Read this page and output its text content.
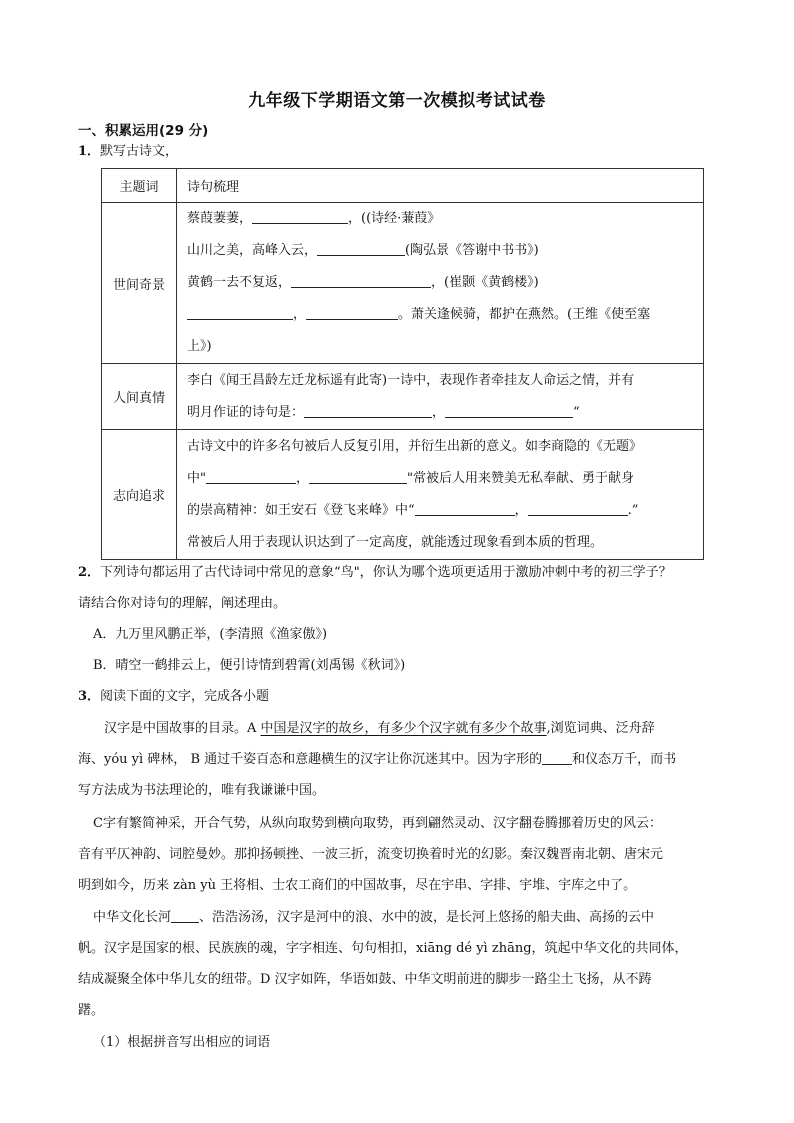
九年级下学期语文第一次模拟考试试卷
一、积累运用(29 分)
1．默写古诗文，
主题词	诗句梳理
世间奇景	蔡葭萋萋， ，((诗经·蒹葭》
山川之美，高峰入云， (陶弘景《答谢中书书》)
黄鹤一去不复返， ，(崔颢《黄鹤楼》)
， 。萧关逢候骑，都护在燕然。(王维《使至塞
上》)

人间真情	李白《闻王昌龄左迁龙标遥有此寄)一诗中，表现作者牵挂友人命运之情，并有
明月作证的诗句是： ， “

志向追求	古诗文中的许多名句被后人反复引用，并衍生出新的意义。如李商隐的《无题》
中" ， "常被后人用来赞美无私奉献、勇于献身
的崇高精神：如王安石《登飞来峰》中“ ， .”
常被后人用于表现认识达到了一定高度，就能透过现象看到本质的哲理。
2．下列诗句都运用了古代诗词中常见的意象“鸟"，你认为哪个选项更适用于激励冲刺中考的初三学子？
请结合你对诗句的理解，阐述理由。
A．九万里风鹏正举，(李清照《渔家傲》)
B．晴空一鹤排云上，便引诗情到碧霄(刘禹锡《秋词》)
3．阅读下面的文字，完成各小题
汉字是中国故事的目录。A 中国是汉字的故乡，有多少个汉字就有多少个故事,浏览词典、泛舟辞
海、yóu yì 碑林， B 通过千姿百态和意趣横生的汉字让你沉迷其中。因为字形的 和仪态万千，而书
写方法成为书法理论的，唯有我谦谦中国。
C字有繁简神采，开合气势，从纵向取势到横向取势，再到翩然灵动、汉字翻卷腾挪着历史的风云：
音有平仄神韵、词腔曼妙。那抑扬顿挫、一波三折，流变切换着时光的幻影。秦汉魏晋南北朝、唐宋元
明到如今，历来 zàn yù 王将相、士农工商们的中国故事，尽在宇串、字排、宇堆、宇库之中了。
中华文化长河 、浩浩汤汤，汉字是河中的浪、水中的波，是长河上悠扬的船夫曲、高扬的云中
帆。汉字是国家的根、民族族的魂，字字相连、句句相扣，xiāng dé yì zhāng，筑起中华文化的共同体，
结成凝聚全体中华儿女的纽带。D 汉字如阵，华语如鼓、中华文明前进的脚步一路尘土飞扬，从不踌
躇。
（1）根据拼音写出相应的词语
